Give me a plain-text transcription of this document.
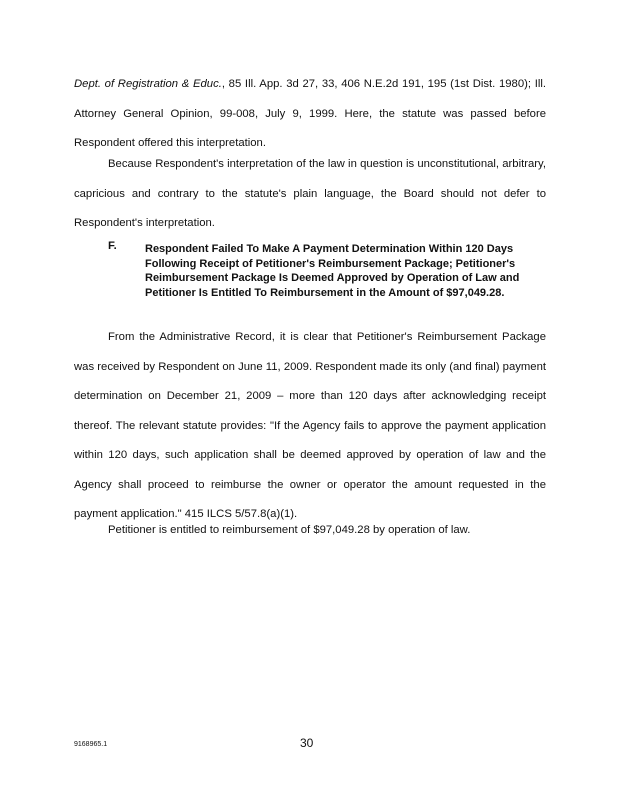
Dept. of Registration & Educ., 85 Ill. App. 3d 27, 33, 406 N.E.2d 191, 195 (1st Dist. 1980); Ill. Attorney General Opinion, 99-008, July 9, 1999. Here, the statute was passed before Respondent offered this interpretation.

Because Respondent's interpretation of the law in question is unconstitutional, arbitrary, capricious and contrary to the statute's plain language, the Board should not defer to Respondent's interpretation.

F.	Respondent Failed To Make A Payment Determination Within 120 Days Following Receipt of Petitioner's Reimbursement Package; Petitioner's Reimbursement Package Is Deemed Approved by Operation of Law and Petitioner Is Entitled To Reimbursement in the Amount of $97,049.28.

From the Administrative Record, it is clear that Petitioner's Reimbursement Package was received by Respondent on June 11, 2009. Respondent made its only (and final) payment determination on December 21, 2009 – more than 120 days after acknowledging receipt thereof. The relevant statute provides: "If the Agency fails to approve the payment application within 120 days, such application shall be deemed approved by operation of law and the Agency shall proceed to reimburse the owner or operator the amount requested in the payment application." 415 ILCS 5/57.8(a)(1).

Petitioner is entitled to reimbursement of $97,049.28 by operation of law.

9168965.1	30
